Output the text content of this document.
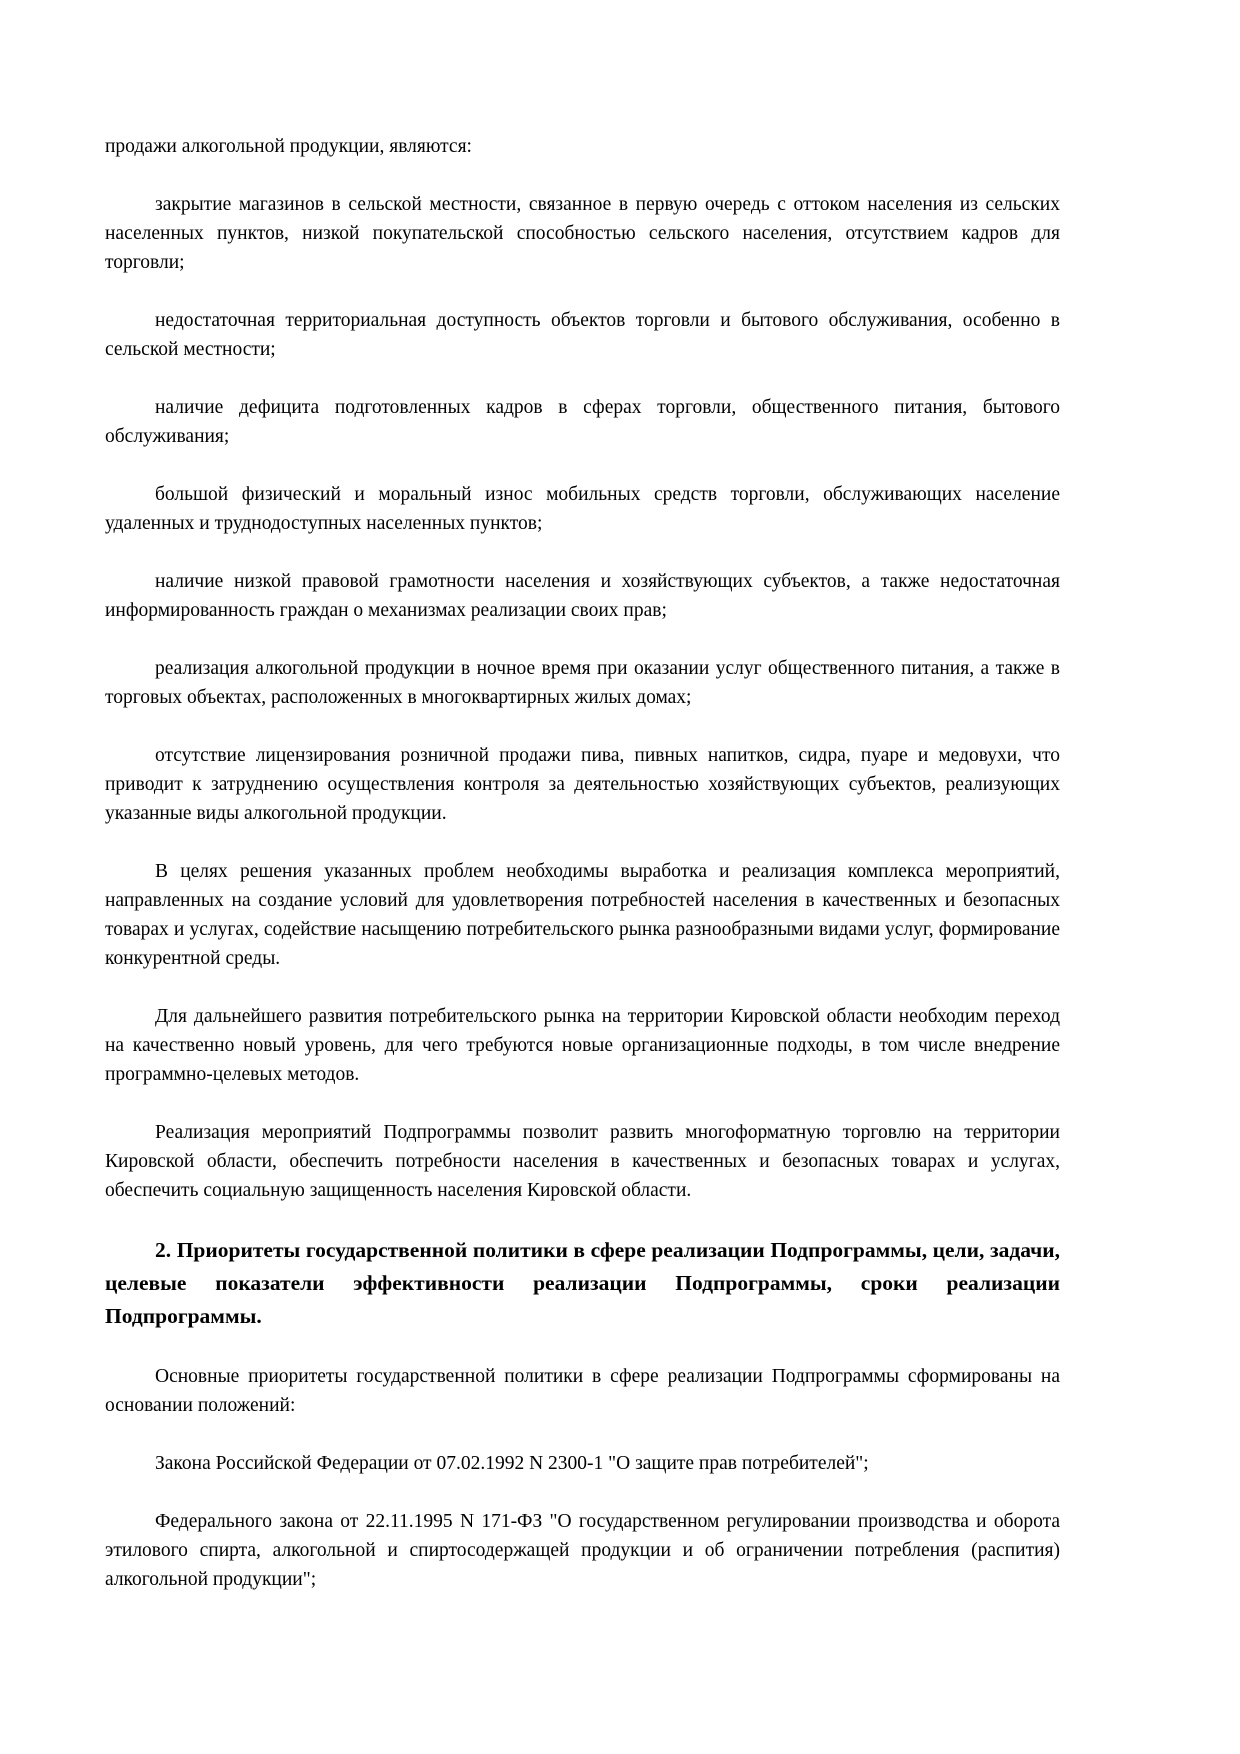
продажи алкогольной продукции, являются:

закрытие магазинов в сельской местности, связанное в первую очередь с оттоком населения из сельских населенных пунктов, низкой покупательской способностью сельского населения, отсутствием кадров для торговли;

недостаточная территориальная доступность объектов торговли и бытового обслуживания, особенно в сельской местности;

наличие дефицита подготовленных кадров в сферах торговли, общественного питания, бытового обслуживания;

большой физический и моральный износ мобильных средств торговли, обслуживающих население удаленных и труднодоступных населенных пунктов;

наличие низкой правовой грамотности населения и хозяйствующих субъектов, а также недостаточная информированность граждан о механизмах реализации своих прав;

реализация алкогольной продукции в ночное время при оказании услуг общественного питания, а также в торговых объектах, расположенных в многоквартирных жилых домах;

отсутствие лицензирования розничной продажи пива, пивных напитков, сидра, пуаре и медовухи, что приводит к затруднению осуществления контроля за деятельностью хозяйствующих субъектов, реализующих указанные виды алкогольной продукции.

В целях решения указанных проблем необходимы выработка и реализация комплекса мероприятий, направленных на создание условий для удовлетворения потребностей населения в качественных и безопасных товарах и услугах, содействие насыщению потребительского рынка разнообразными видами услуг, формирование конкурентной среды.

Для дальнейшего развития потребительского рынка на территории Кировской области необходим переход на качественно новый уровень, для чего требуются новые организационные подходы, в том числе внедрение программно-целевых методов.

Реализация мероприятий Подпрограммы позволит развить многоформатную торговлю на территории Кировской области, обеспечить потребности населения в качественных и безопасных товарах и услугах, обеспечить социальную защищенность населения Кировской области.

2. Приоритеты государственной политики в сфере реализации Подпрограммы, цели, задачи, целевые показатели эффективности реализации Подпрограммы, сроки реализации Подпрограммы.

Основные приоритеты государственной политики в сфере реализации Подпрограммы сформированы на основании положений:

Закона Российской Федерации от 07.02.1992 N 2300-1 "О защите прав потребителей";

Федерального закона от 22.11.1995 N 171-ФЗ "О государственном регулировании производства и оборота этилового спирта, алкогольной и спиртосодержащей продукции и об ограничении потребления (распития) алкогольной продукции";
